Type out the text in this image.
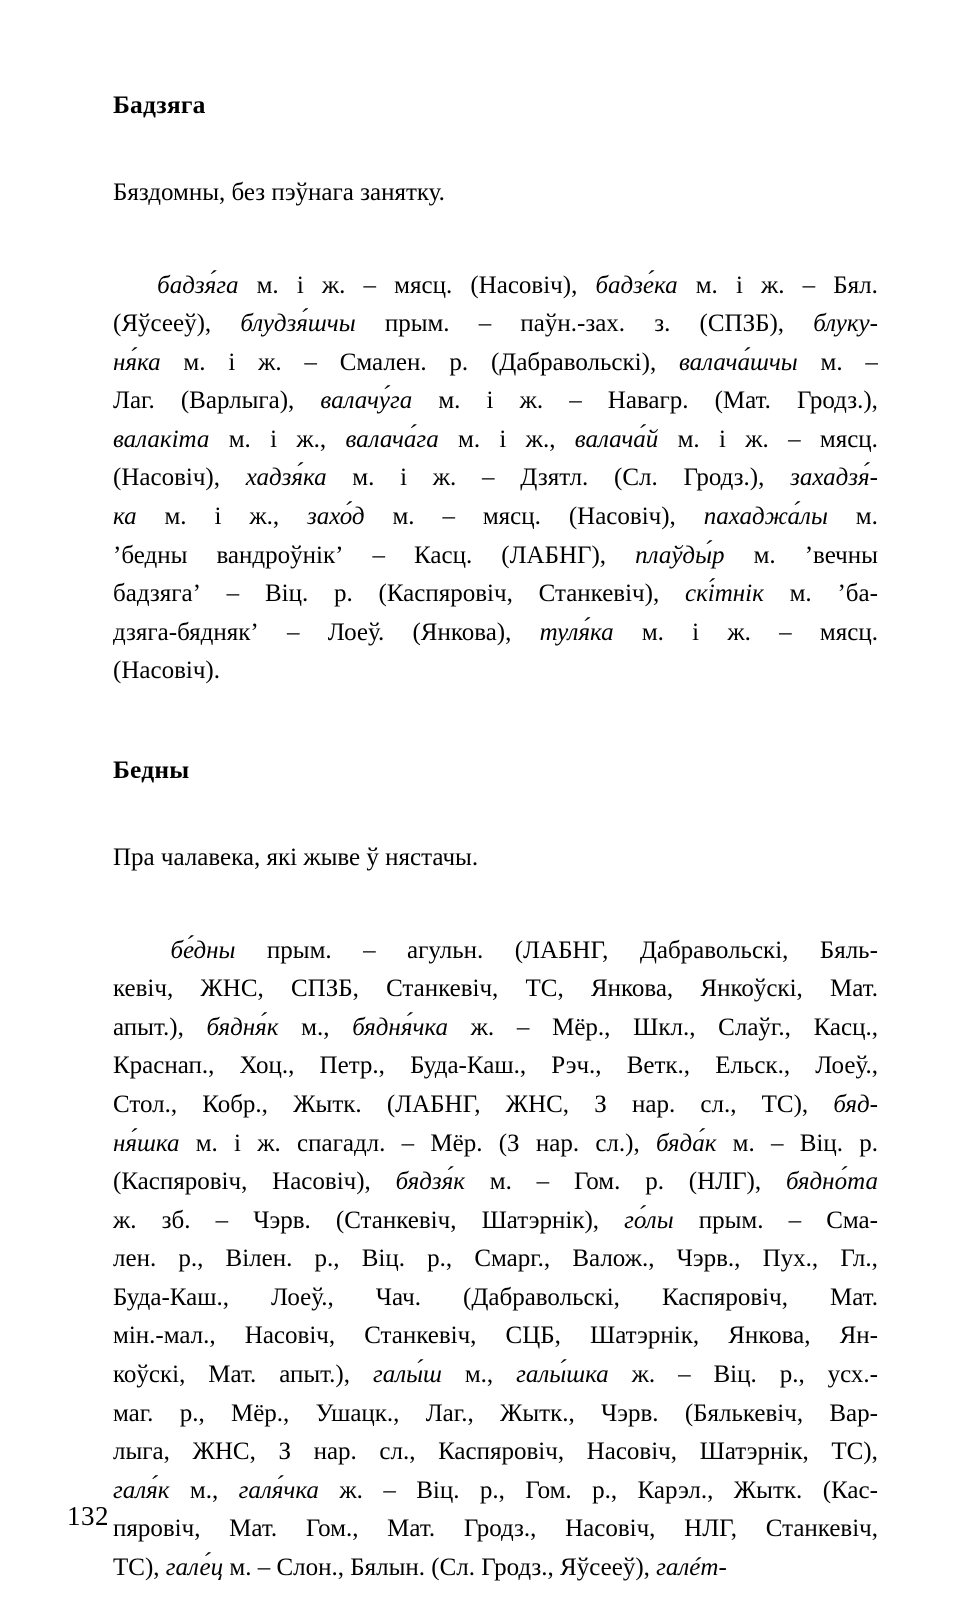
Бадзяга

Бяздомны, без пэўнага занятку.

бадзя́га м. і ж. – мясц. (Насовіч), бадзе́ка м. і ж. – Бял.
(Яўсееў), блудзя́шчы прым. – паўн.-зах. з. (СПЗБ), блуку-
ня́ка м. і ж. – Смален. р. (Дабравольскі), валача́шчы м. –
Лаг. (Варлыга), валачу́га м. і ж. – Навагр. (Мат. Гродз.),
валакіта м. і ж., валача́га м. і ж., валача́й м. і ж. – мясц.
(Насовіч), хадзя́ка м. і ж. – Дзятл. (Сл. Гродз.), захадзя́-
ка м. і ж., захо́д м. – мясц. (Насовіч), пахаджа́лы м.
’бедны вандроўнік’ – Касц. (ЛАБНГ), плаўды́р м. ’вечны
бадзяга’ – Віц. р. (Каспяровіч, Станкевіч), скі́тнік м. ’ба-
дзяга-бядняк’ – Лоеў. (Янкова), туля́ка м. і ж. – мясц.
(Насовіч).
Бедны

Пра чалавека, які жыве ў нястачы.

бе́дны прым. – агульн. (ЛАБНГ, Дабравольскі, Бяль-
кевіч, ЖНС, СПЗБ, Станкевіч, ТС, Янкова, Янкоўскі, Мат.
апыт.), бядня́к м., бядня́чка ж. – Мёр., Шкл., Слаўг., Касц.,
Краснап., Хоц., Петр., Буда-Каш., Рэч., Ветк., Ельск., Лоеў.,
Стол., Кобр., Жытк. (ЛАБНГ, ЖНС, З нар. сл., ТС), бяд-
ня́шка м. і ж. спагадл. – Мёр. (З нар. сл.), бяда́к м. – Віц. р.
(Каспяровіч, Насовіч), бядзя́к м. – Гом. р. (НЛГ), бядно́та
ж. зб. – Чэрв. (Станкевіч, Шатэрнік), го́лы прым. – Сма-
лен. р., Вілен. р., Віц. р., Смарг., Валож., Чэрв., Пух., Гл.,
Буда-Каш., Лоеў., Чач. (Дабравольскі, Каспяровіч, Мат.
мін.-мал., Насовіч, Станкевіч, СЦБ, Шатэрнік, Янкова, Ян-
коўскі, Мат. апыт.), галы́ш м., галы́шка ж. – Віц. р., усх.-
маг. р., Мёр., Ушацк., Лаг., Жытк., Чэрв. (Бялькевіч, Вар-
лыга, ЖНС, З нар. сл., Каспяровіч, Насовіч, Шатэрнік, ТС),
галя́к м., галя́чка ж. – Віц. р., Гом. р., Карэл., Жытк. (Кас-
пяровіч, Мат. Гом., Мат. Гродз., Насовіч, НЛГ, Станкевіч,
ТС), гале́ц м. – Слон., Бялын. (Сл. Гродз., Яўсееў), галéт-
132
